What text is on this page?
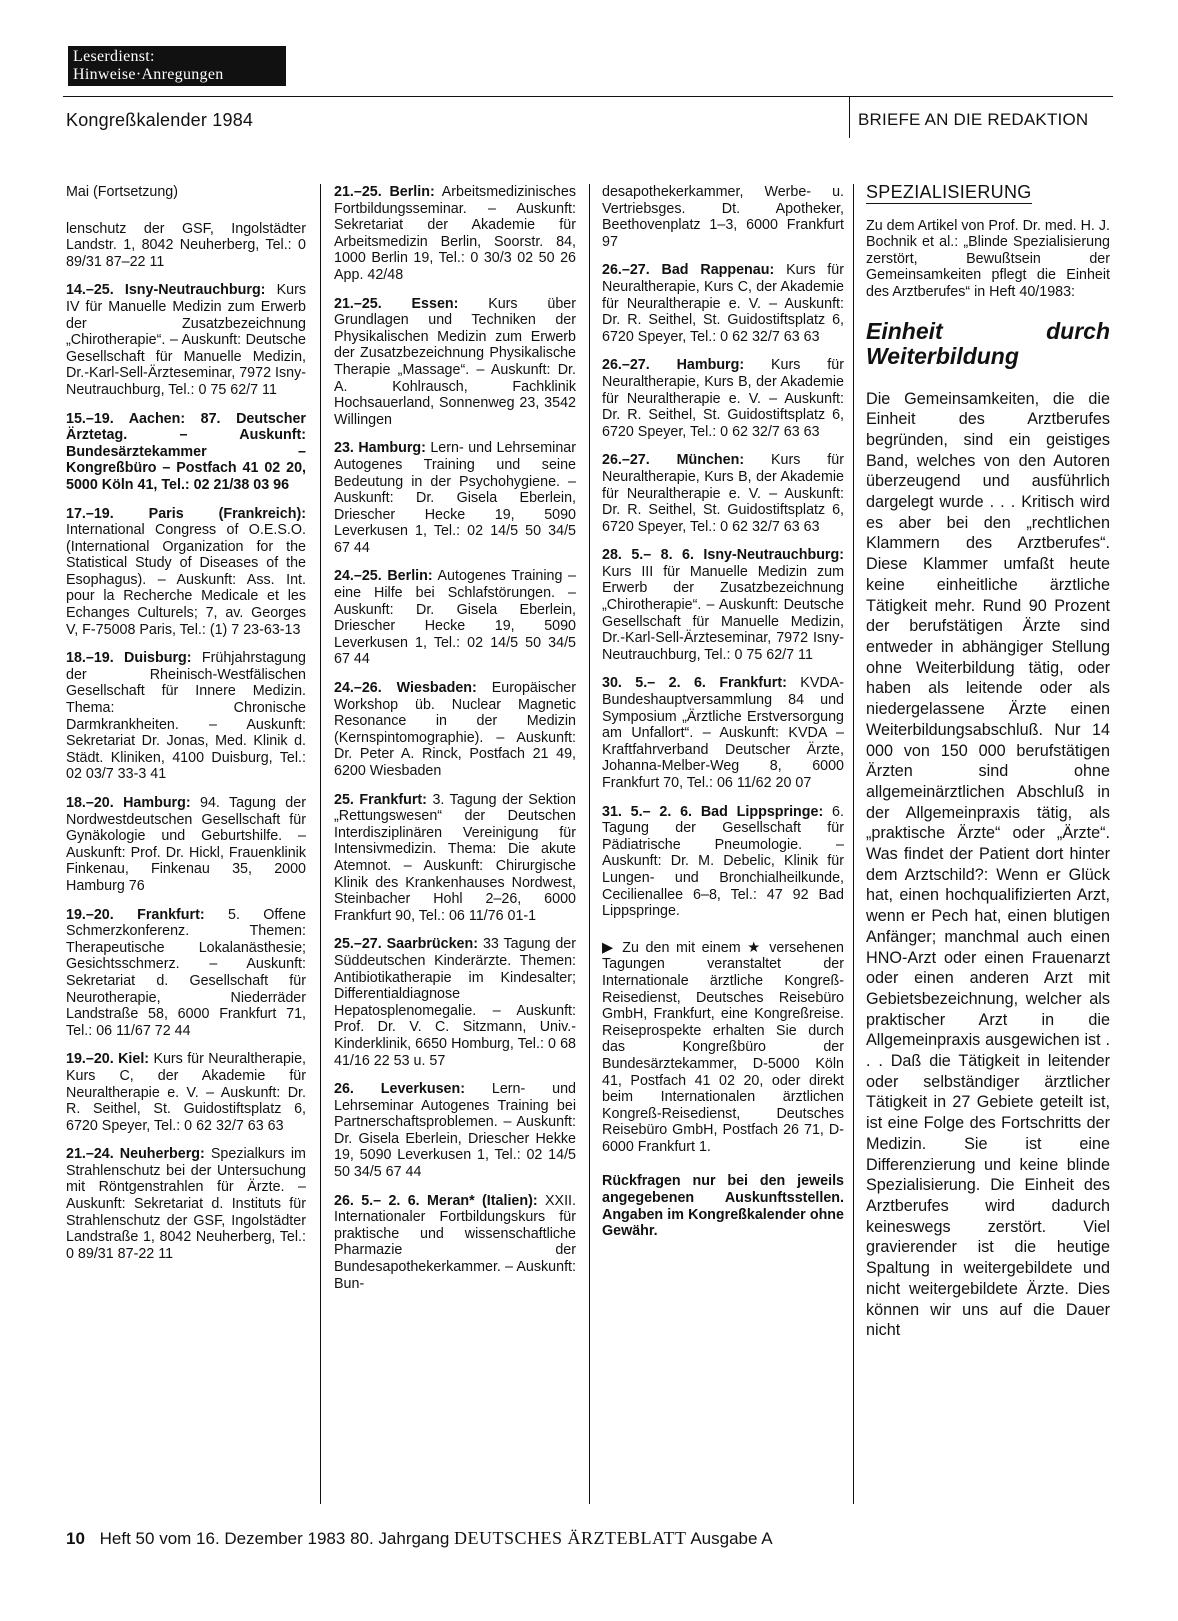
Leserdienst:
Hinweise·Anregungen
Kongreßkalender 1984	BRIEFE AN DIE REDAKTION

Mai (Fortsetzung)

lenschutz der GSF, Ingolstädter Landstr. 1, 8042 Neuherberg, Tel.: 0 89/31 87–22 11

14.–25. Isny-Neutrauchburg: Kurs IV für Manuelle Medizin zum Erwerb der Zusatzbezeichnung „Chirotherapie“. – Auskunft: Deutsche Gesellschaft für Manuelle Medizin, Dr.-Karl-Sell-Ärzteseminar, 7972 Isny-Neutrauchburg, Tel.: 0 75 62/7 11

15.–19. Aachen: 87. Deutscher Ärztetag. – Auskunft: Bundesärztekammer – Kongreßbüro – Postfach 41 02 20, 5000 Köln 41, Tel.: 02 21/38 03 96

17.–19. Paris (Frankreich): International Congress of O.E.S.O. (International Organization for the Statistical Study of Diseases of the Esophagus). – Auskunft: Ass. Int. pour la Recherche Medicale et les Echanges Culturels; 7, av. Georges V, F-75008 Paris, Tel.: (1) 7 23-63-13

18.–19. Duisburg: Frühjahrstagung der Rheinisch-Westfälischen Gesellschaft für Innere Medizin. Thema: Chronische Darmkrankheiten. – Auskunft: Sekretariat Dr. Jonas, Med. Klinik d. Städt. Kliniken, 4100 Duisburg, Tel.: 02 03/7 33-3 41

18.–20. Hamburg: 94. Tagung der Nordwestdeutschen Gesellschaft für Gynäkologie und Geburtshilfe. – Auskunft: Prof. Dr. Hickl, Frauenklinik Finkenau, Finkenau 35, 2000 Hamburg 76

19.–20. Frankfurt: 5. Offene Schmerzkonferenz. Themen: Therapeutische Lokalanästhesie; Gesichtsschmerz. – Auskunft: Sekretariat d. Gesellschaft für Neurotherapie, Niederräder Landstraße 58, 6000 Frankfurt 71, Tel.: 06 11/67 72 44

19.–20. Kiel: Kurs für Neuraltherapie, Kurs C, der Akademie für Neuraltherapie e. V. – Auskunft: Dr. R. Seithel, St. Guidostiftsplatz 6, 6720 Speyer, Tel.: 0 62 32/7 63 63

21.–24. Neuherberg: Spezialkurs im Strahlenschutz bei der Untersuchung mit Röntgenstrahlen für Ärzte. – Auskunft: Sekretariat d. Instituts für Strahlenschutz der GSF, Ingolstädter Landstraße 1, 8042 Neuherberg, Tel.: 0 89/31 87-22 11

21.–25. Berlin: Arbeitsmedizinisches Fortbildungsseminar. – Auskunft: Sekretariat der Akademie für Arbeitsmedizin Berlin, Soorstr. 84, 1000 Berlin 19, Tel.: 0 30/3 02 50 26 App. 42/48

21.–25. Essen: Kurs über Grundlagen und Techniken der Physikalischen Medizin zum Erwerb der Zusatzbezeichnung Physikalische Therapie „Massage“. – Auskunft: Dr. A. Kohlrausch, Fachklinik Hochsauerland, Sonnenweg 23, 3542 Willingen

23. Hamburg: Lern- und Lehrseminar Autogenes Training und seine Bedeutung in der Psychohygiene. – Auskunft: Dr. Gisela Eberlein, Driescher Hecke 19, 5090 Leverkusen 1, Tel.: 02 14/5 50 34/5 67 44

24.–25. Berlin: Autogenes Training – eine Hilfe bei Schlafstörungen. – Auskunft: Dr. Gisela Eberlein, Driescher Hecke 19, 5090 Leverkusen 1, Tel.: 02 14/5 50 34/5 67 44

24.–26. Wiesbaden: Europäischer Workshop üb. Nuclear Magnetic Resonance in der Medizin (Kernspintomographie). – Auskunft: Dr. Peter A. Rinck, Postfach 21 49, 6200 Wiesbaden

25. Frankfurt: 3. Tagung der Sektion „Rettungswesen“ der Deutschen Interdisziplinären Vereinigung für Intensivmedizin. Thema: Die akute Atemnot. – Auskunft: Chirurgische Klinik des Krankenhauses Nordwest, Steinbacher Hohl 2–26, 6000 Frankfurt 90, Tel.: 06 11/76 01-1

25.–27. Saarbrücken: 33 Tagung der Süddeutschen Kinderärzte. Themen: Antibiotikatherapie im Kindesalter; Differentialdiagnose Hepatosplenomegalie. – Auskunft: Prof. Dr. V. C. Sitzmann, Univ.-Kinderklinik, 6650 Homburg, Tel.: 0 68 41/16 22 53 u. 57

26. Leverkusen: Lern- und Lehrseminar Autogenes Training bei Partnerschaftsproblemen. – Auskunft: Dr. Gisela Eberlein, Driescher Hekke 19, 5090 Leverkusen 1, Tel.: 02 14/5 50 34/5 67 44

26. 5.– 2. 6. Meran* (Italien): XXII. Internationaler Fortbildungskurs für praktische und wissenschaftliche Pharmazie der Bundesapothekerkammer. – Auskunft: Bun-

desapothekerkammer, Werbe- u. Vertriebsges. Dt. Apotheker, Beethovenplatz 1–3, 6000 Frankfurt 97

26.–27. Bad Rappenau: Kurs für Neuraltherapie, Kurs C, der Akademie für Neuraltherapie e. V. – Auskunft: Dr. R. Seithel, St. Guidostiftsplatz 6, 6720 Speyer, Tel.: 0 62 32/7 63 63

26.–27. Hamburg: Kurs für Neuraltherapie, Kurs B, der Akademie für Neuraltherapie e. V. – Auskunft: Dr. R. Seithel, St. Guidostiftsplatz 6, 6720 Speyer, Tel.: 0 62 32/7 63 63

26.–27. München: Kurs für Neuraltherapie, Kurs B, der Akademie für Neuraltherapie e. V. – Auskunft: Dr. R. Seithel, St. Guidostiftsplatz 6, 6720 Speyer, Tel.: 0 62 32/7 63 63

28. 5.– 8. 6. Isny-Neutrauchburg: Kurs III für Manuelle Medizin zum Erwerb der Zusatzbezeichnung „Chirotherapie“. – Auskunft: Deutsche Gesellschaft für Manuelle Medizin, Dr.-Karl-Sell-Ärzteseminar, 7972 Isny-Neutrauchburg, Tel.: 0 75 62/7 11

30. 5.– 2. 6. Frankfurt: KVDA-Bundeshauptversammlung 84 und Symposium „Ärztliche Erstversorgung am Unfallort“. – Auskunft: KVDA – Kraftfahrverband Deutscher Ärzte, Johanna-Melber-Weg 8, 6000 Frankfurt 70, Tel.: 06 11/62 20 07

31. 5.– 2. 6. Bad Lippspringe: 6. Tagung der Gesellschaft für Pädiatrische Pneumologie. – Auskunft: Dr. M. Debelic, Klinik für Lungen- und Bronchialheilkunde, Cecilienallee 6–8, Tel.: 47 92 Bad Lippspringe.

▶ Zu den mit einem ★ versehenen Tagungen veranstaltet der Internationale ärztliche Kongreß-Reisedienst, Deutsches Reisebüro GmbH, Frankfurt, eine Kongreßreise. Reiseprospekte erhalten Sie durch das Kongreßbüro der Bundesärztekammer, D-5000 Köln 41, Postfach 41 02 20, oder direkt beim Internationalen ärztlichen Kongreß-Reisedienst, Deutsches Reisebüro GmbH, Postfach 26 71, D-6000 Frankfurt 1.

Rückfragen nur bei den jeweils angegebenen Auskunftsstellen. Angaben im Kongreßkalender ohne Gewähr.

SPEZIALISIERUNG
Zu dem Artikel von Prof. Dr. med. H. J. Bochnik et al.: „Blinde Spezialisierung zerstört, Bewußtsein der Gemeinsamkeiten pflegt die Einheit des Arztberufes“ in Heft 40/1983:
Einheit durch Weiterbildung
Die Gemeinsamkeiten, die die Einheit des Arztberufes begründen, sind ein geistiges Band, welches von den Autoren überzeugend und ausführlich dargelegt wurde . . . Kritisch wird es aber bei den „rechtlichen Klammern des Arztberufes“. Diese Klammer umfaßt heute keine einheitliche ärztliche Tätigkeit mehr. Rund 90 Prozent der berufstätigen Ärzte sind entweder in abhängiger Stellung ohne Weiterbildung tätig, oder haben als leitende oder als niedergelassene Ärzte einen Weiterbildungsabschluß. Nur 14 000 von 150 000 berufstätigen Ärzten sind ohne allgemeinärztlichen Abschluß in der Allgemeinpraxis tätig, als „praktische Ärzte“ oder „Ärzte“. Was findet der Patient dort hinter dem Arztschild?: Wenn er Glück hat, einen hochqualifizierten Arzt, wenn er Pech hat, einen blutigen Anfänger; manchmal auch einen HNO-Arzt oder einen Frauenarzt oder einen anderen Arzt mit Gebietsbezeichnung, welcher als praktischer Arzt in die Allgemeinpraxis ausgewichen ist . . . Daß die Tätigkeit in leitender oder selbständiger ärztlicher Tätigkeit in 27 Gebiete geteilt ist, ist eine Folge des Fortschritts der Medizin. Sie ist eine Differenzierung und keine blinde Spezialisierung. Die Einheit des Arztberufes wird dadurch keineswegs zerstört. Viel gravierender ist die heutige Spaltung in weitergebildete und nicht weitergebildete Ärzte. Dies können wir uns auf die Dauer nicht
10 Heft 50 vom 16. Dezember 1983 80. Jahrgang DEUTSCHES ÄRZTEBLATT Ausgabe A
